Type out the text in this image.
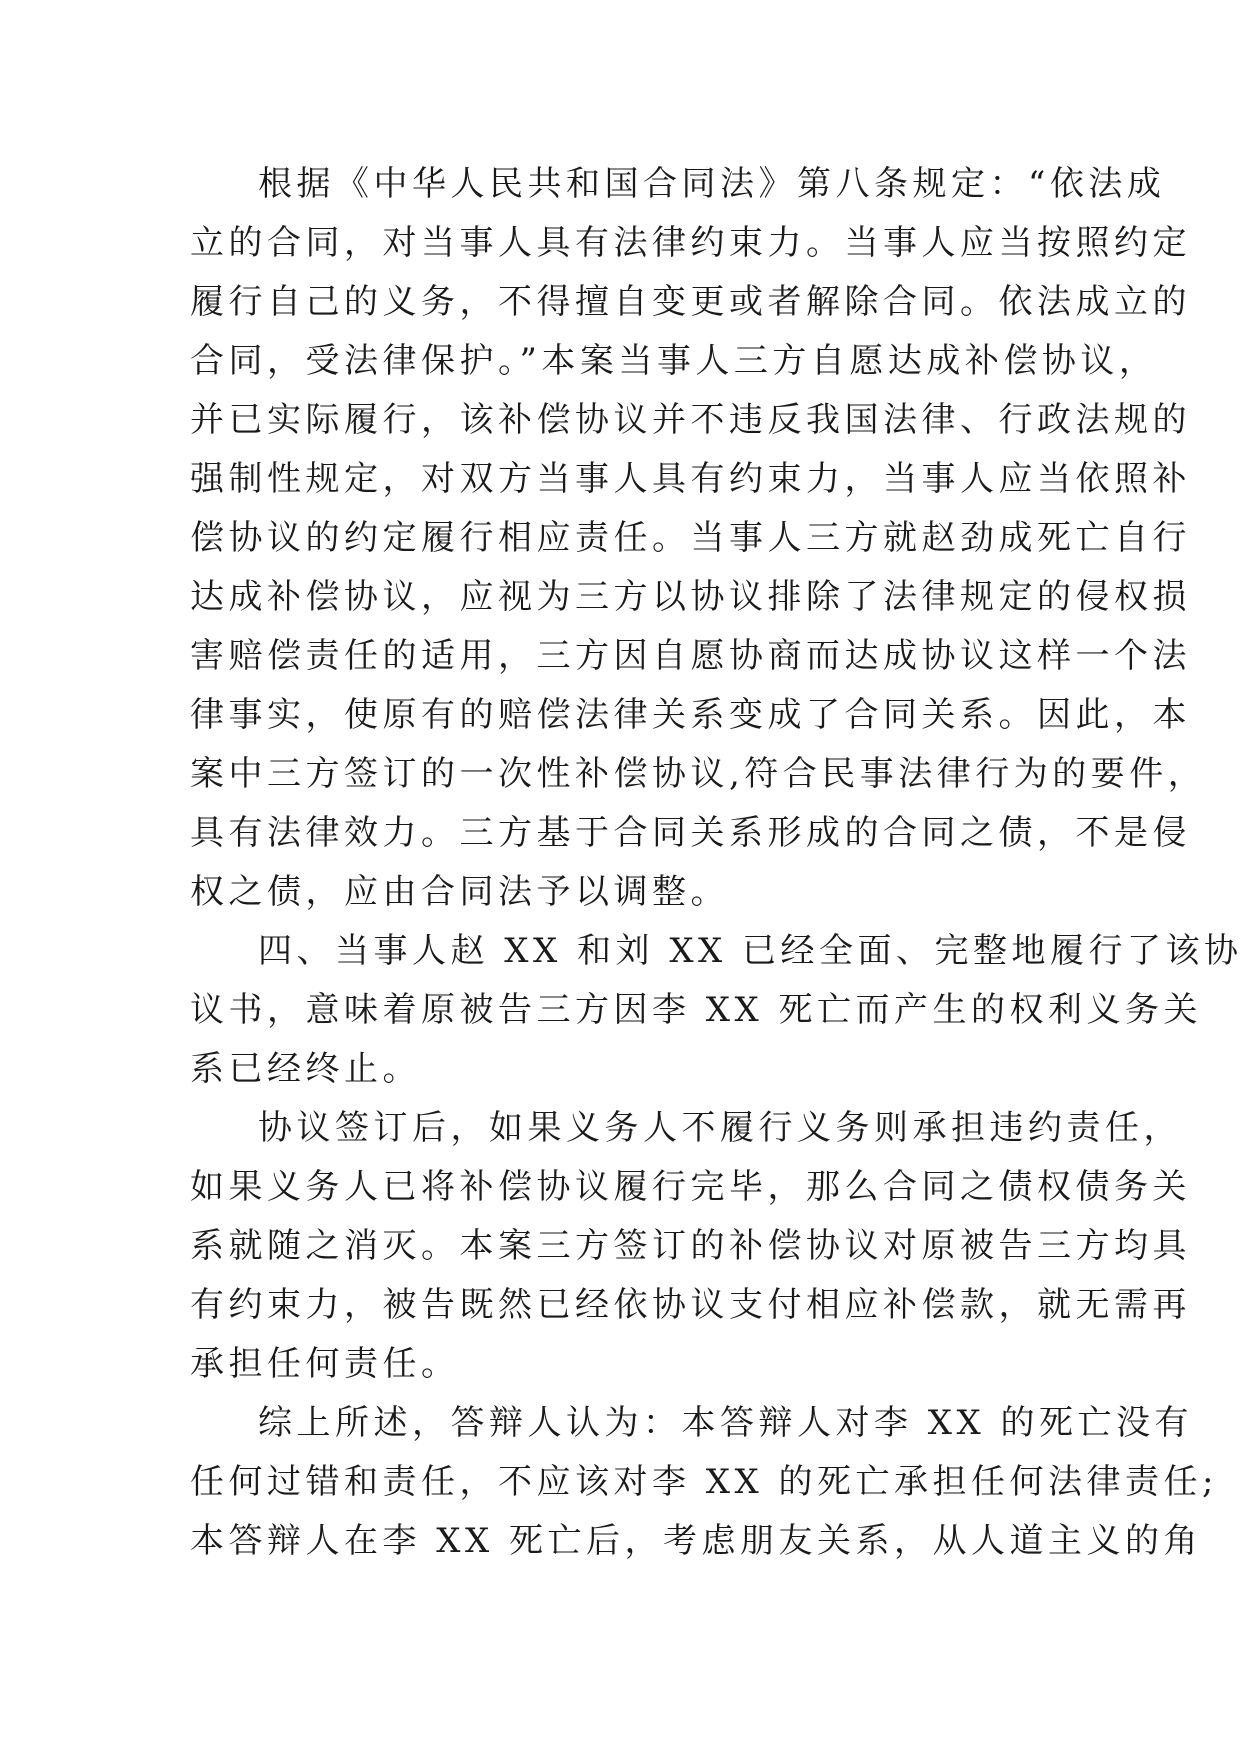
根据《中华人民共和国合同法》第八条规定：“依法成
立的合同，对当事人具有法律约束力。当事人应当按照约定
履行自己的义务，不得擅自变更或者解除合同。依法成立的
合同，受法律保护。”本案当事人三方自愿达成补偿协议，
并已实际履行，该补偿协议并不违反我国法律、行政法规的
强制性规定，对双方当事人具有约束力，当事人应当依照补
偿协议的约定履行相应责任。当事人三方就赵劲成死亡自行
达成补偿协议，应视为三方以协议排除了法律规定的侵权损
害赔偿责任的适用，三方因自愿协商而达成协议这样一个法
律事实，使原有的赔偿法律关系变成了合同关系。因此，本
案中三方签订的一次性补偿协议,符合民事法律行为的要件，
具有法律效力。三方基于合同关系形成的合同之债，不是侵
权之债，应由合同法予以调整。
四、当事人赵 XX 和刘 XX 已经全面、完整地履行了该协
议书，意味着原被告三方因李 XX 死亡而产生的权利义务关
系已经终止。
协议签订后，如果义务人不履行义务则承担违约责任，
如果义务人已将补偿协议履行完毕，那么合同之债权债务关
系就随之消灭。本案三方签订的补偿协议对原被告三方均具
有约束力，被告既然已经依协议支付相应补偿款，就无需再
承担任何责任。
综上所述，答辩人认为：本答辩人对李 XX 的死亡没有
任何过错和责任，不应该对李 XX 的死亡承担任何法律责任;
本答辩人在李 XX 死亡后，考虑朋友关系，从人道主义的角
